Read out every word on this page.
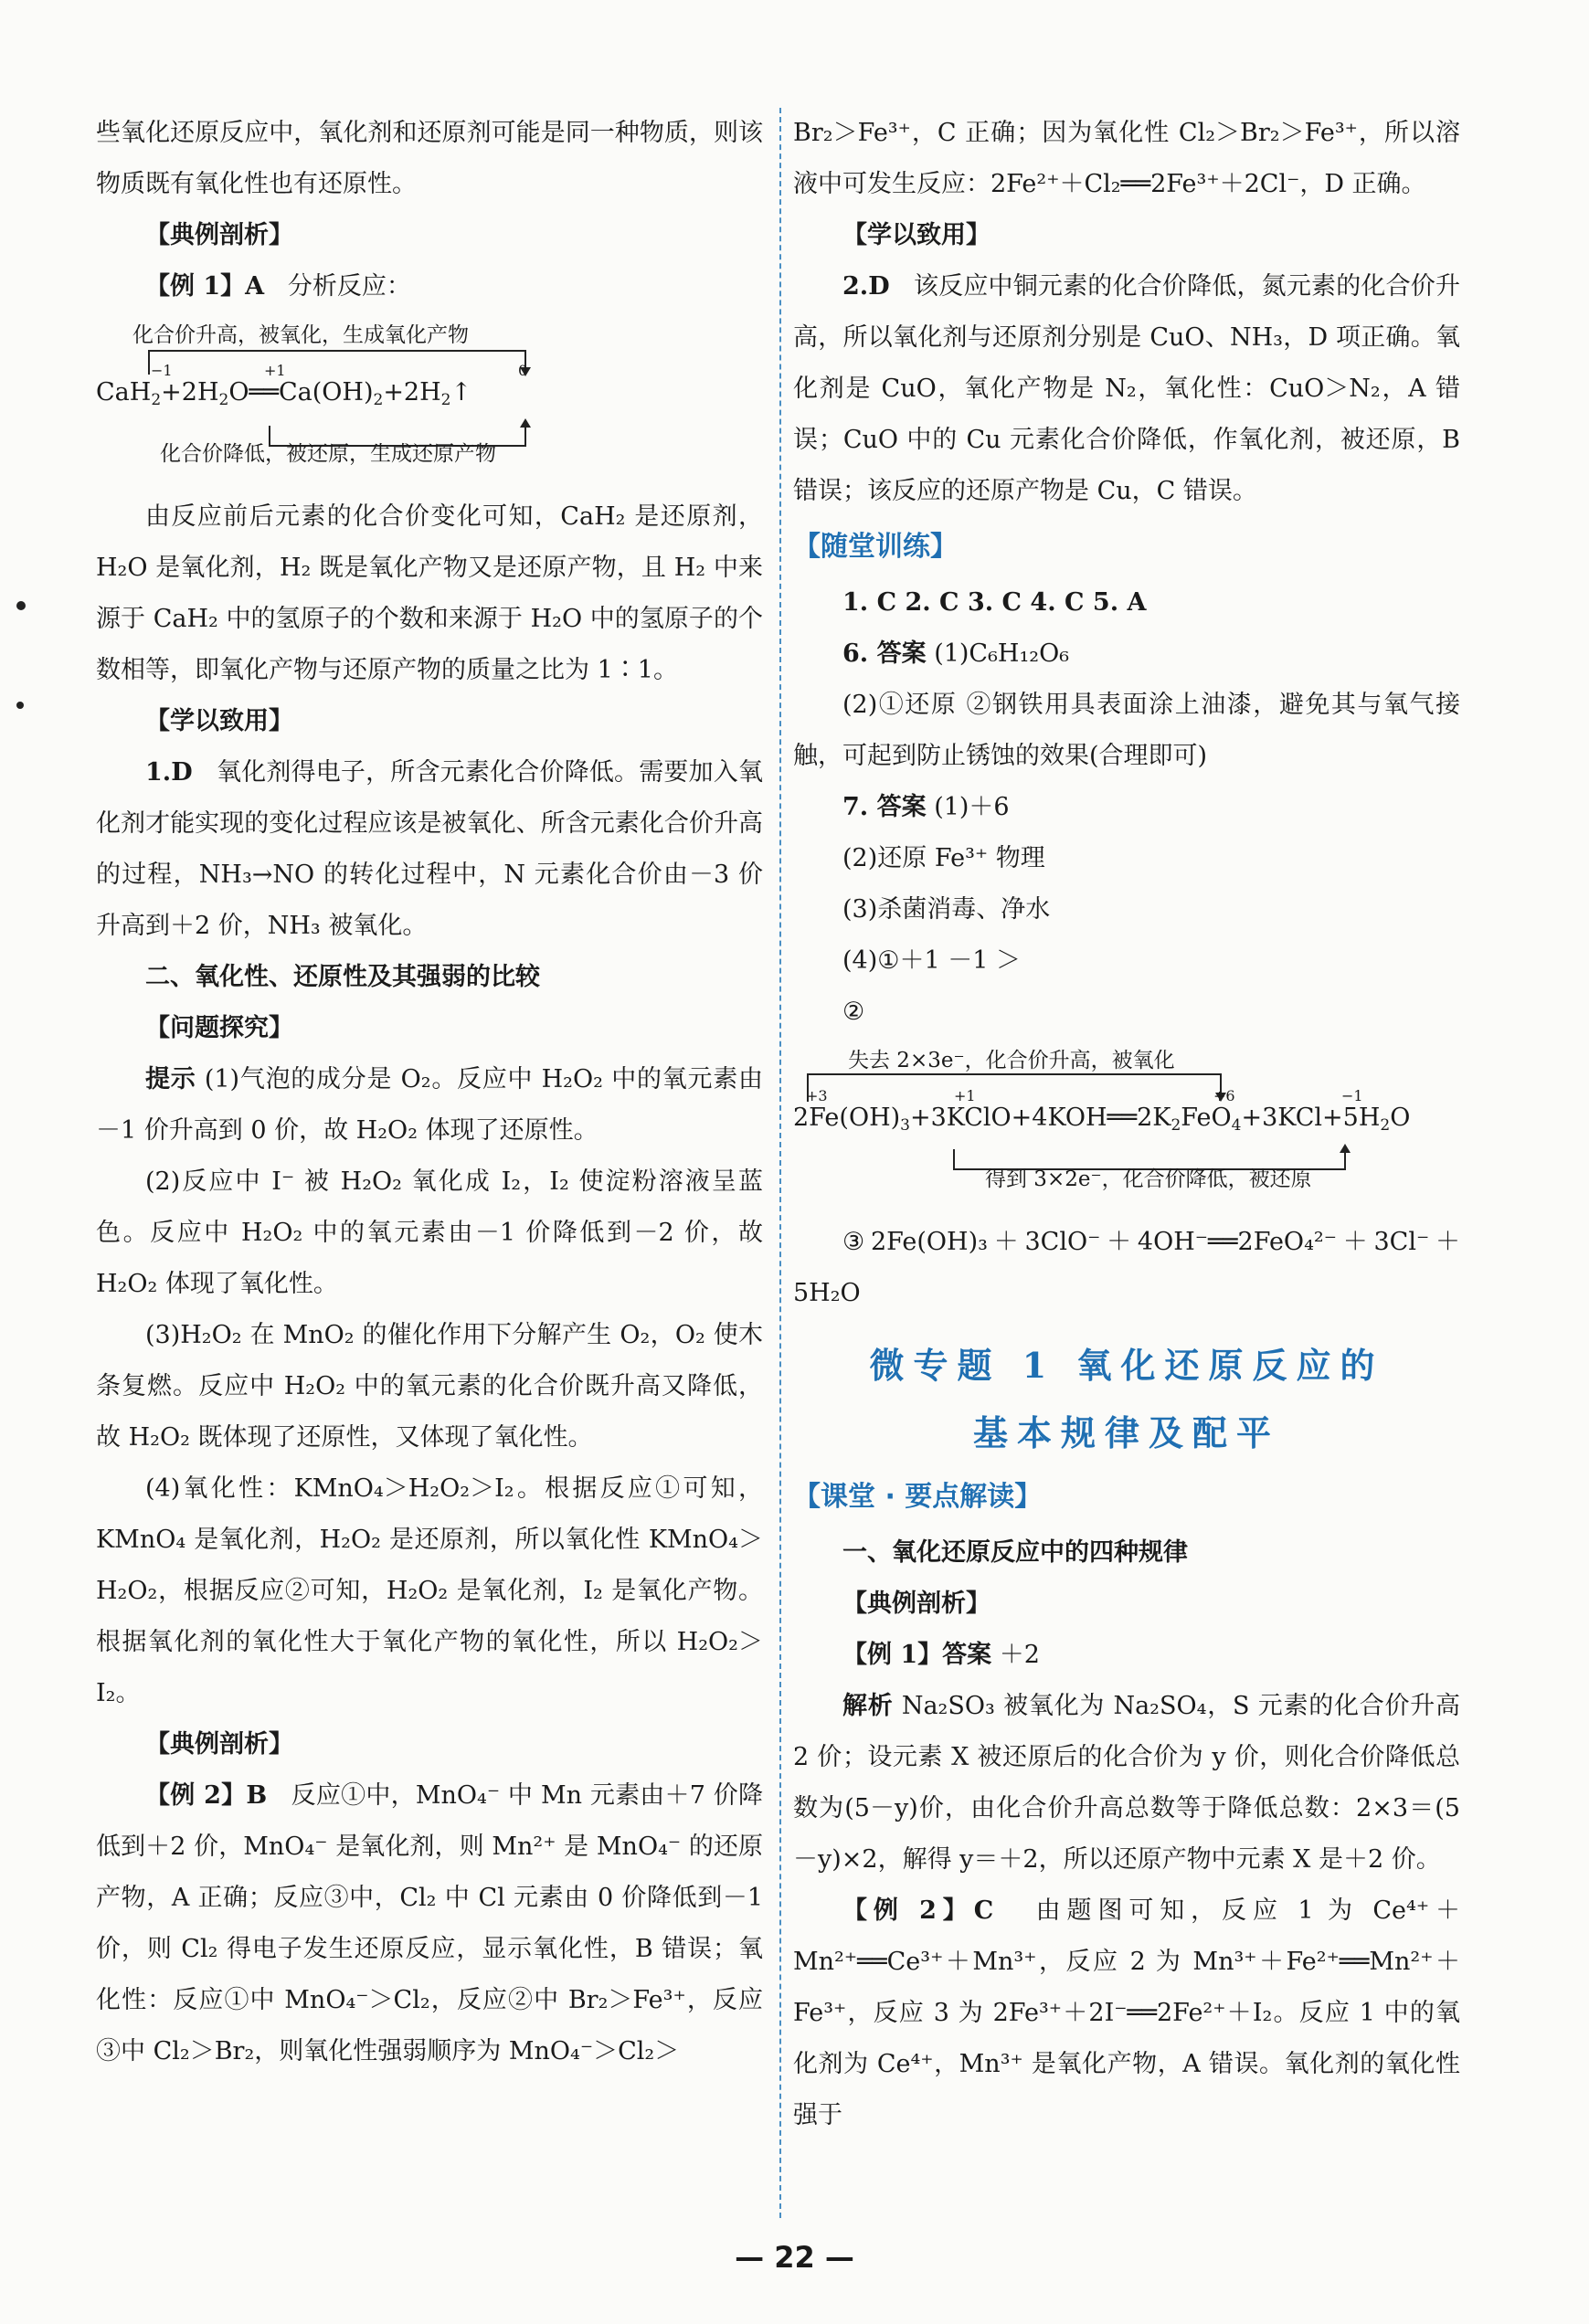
些氧化还原反应中，氧化剂和还原剂可能是同一种物质，则该物质既有氧化性也有还原性。

【典例剖析】

【例 1】A 分析反应：

化合价升高，被氧化，生成氧化产物
−1	+1	0
$CaH_2+2H_2O══Ca(OH)_2+2H_2↑$
化合价降低，被还原，生成还原产物

由反应前后元素的化合价变化可知，CaH₂ 是还原剂，H₂O 是氧化剂，H₂ 既是氧化产物又是还原产物，且 H₂ 中来源于 CaH₂ 中的氢原子的个数和来源于 H₂O 中的氢原子的个数相等，即氧化产物与还原产物的质量之比为 1∶1。

【学以致用】

1.D 氧化剂得电子，所含元素化合价降低。需要加入氧化剂才能实现的变化过程应该是被氧化、所含元素化合价升高的过程，NH₃→NO 的转化过程中，N 元素化合价由－3 价升高到＋2 价，NH₃ 被氧化。

二、氧化性、还原性及其强弱的比较

【问题探究】

提示 (1)气泡的成分是 O₂。反应中 H₂O₂ 中的氧元素由－1 价升高到 0 价，故 H₂O₂ 体现了还原性。

(2)反应中 I⁻ 被 H₂O₂ 氧化成 I₂，I₂ 使淀粉溶液呈蓝色。反应中 H₂O₂ 中的氧元素由－1 价降低到－2 价，故 H₂O₂ 体现了氧化性。

(3)H₂O₂ 在 MnO₂ 的催化作用下分解产生 O₂，O₂ 使木条复燃。反应中 H₂O₂ 中的氧元素的化合价既升高又降低，故 H₂O₂ 既体现了还原性，又体现了氧化性。

(4)氧化性：KMnO₄＞H₂O₂＞I₂。根据反应①可知，KMnO₄ 是氧化剂，H₂O₂ 是还原剂，所以氧化性 KMnO₄＞H₂O₂，根据反应②可知，H₂O₂ 是氧化剂，I₂ 是氧化产物。根据氧化剂的氧化性大于氧化产物的氧化性，所以 H₂O₂＞I₂。

【典例剖析】

【例 2】B 反应①中，MnO₄⁻ 中 Mn 元素由＋7 价降低到＋2 价，MnO₄⁻ 是氧化剂，则 Mn²⁺ 是 MnO₄⁻ 的还原产物，A 正确；反应③中，Cl₂ 中 Cl 元素由 0 价降低到－1 价，则 Cl₂ 得电子发生还原反应，显示氧化性，B 错误；氧化性：反应①中 MnO₄⁻＞Cl₂，反应②中 Br₂＞Fe³⁺，反应③中 Cl₂＞Br₂，则氧化性强弱顺序为 MnO₄⁻＞Cl₂＞

Br₂＞Fe³⁺，C 正确；因为氧化性 Cl₂＞Br₂＞Fe³⁺，所以溶液中可发生反应：2Fe²⁺＋Cl₂══2Fe³⁺＋2Cl⁻，D 正确。

【学以致用】

2.D 该反应中铜元素的化合价降低，氮元素的化合价升高，所以氧化剂与还原剂分别是 CuO、NH₃，D 项正确。氧化剂是 CuO，氧化产物是 N₂，氧化性：CuO＞N₂，A 错误；CuO 中的 Cu 元素化合价降低，作氧化剂，被还原，B 错误；该反应的还原产物是 Cu，C 错误。

【随堂训练】

1. C 2. C 3. C 4. C 5. A

6. 答案 (1)C₆H₁₂O₆

(2)①还原 ②钢铁用具表面涂上油漆，避免其与氧气接触，可起到防止锈蚀的效果(合理即可)

7. 答案 (1)＋6

(2)还原 Fe³⁺ 物理

(3)杀菌消毒、净水

(4)①＋1 －1 ＞

②

失去 2×3e⁻，化合价升高，被氧化
+3	+1	+6	−1
$2Fe(OH)_3+3KClO+4KOH══2K_2FeO_4+3KCl+5H_2O$
得到 3×2e⁻，化合价降低，被还原

③2Fe(OH)₃＋3ClO⁻＋4OH⁻══2FeO₄²⁻＋3Cl⁻＋5H₂O

微专题 1 氧化还原反应的
基本规律及配平
【课堂 · 要点解读】

一、氧化还原反应中的四种规律

【典例剖析】

【例 1】答案 ＋2

解析 Na₂SO₃ 被氧化为 Na₂SO₄，S 元素的化合价升高 2 价；设元素 X 被还原后的化合价为 y 价，则化合价降低总数为(5－y)价，由化合价升高总数等于降低总数：2×3＝(5－y)×2，解得 y＝＋2，所以还原产物中元素 X 是＋2 价。

【例 2】C 由题图可知，反应 1 为 Ce⁴⁺＋Mn²⁺══Ce³⁺＋Mn³⁺，反应 2 为 Mn³⁺＋Fe²⁺══Mn²⁺＋Fe³⁺，反应 3 为 2Fe³⁺＋2I⁻══2Fe²⁺＋I₂。反应 1 中的氧化剂为 Ce⁴⁺，Mn³⁺ 是氧化产物，A 错误。氧化剂的氧化性强于

— 22 —
